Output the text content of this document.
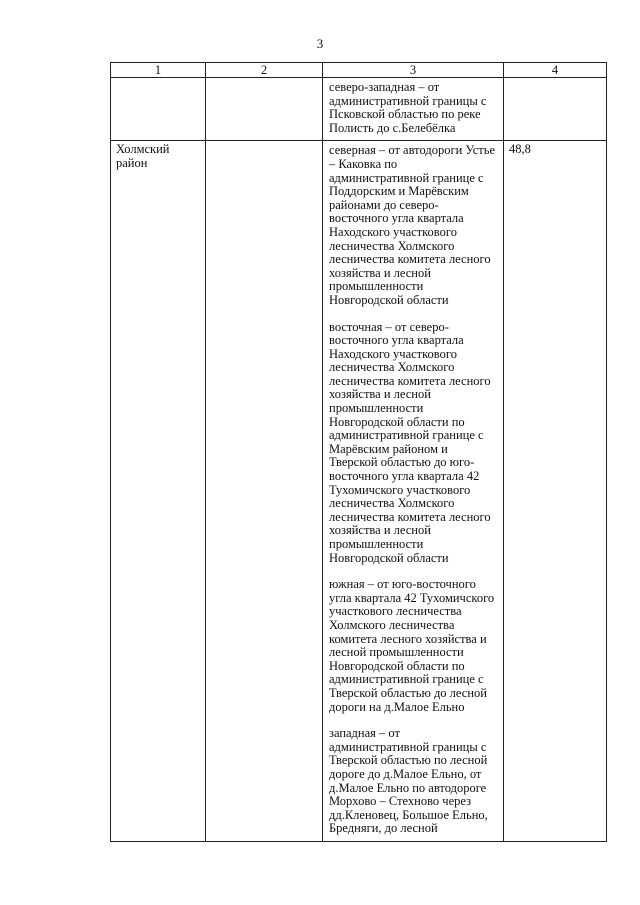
3
1	2	3	4

		северо-западная – от административной границы с Псковской областью по реке Полисть до с.Белебёлка	

Холмский район		северная – от автодороги Устье – Каковка по административной границе с Поддорским и Марёвским районами до северо-восточного угла квартала Находского участкового лесничества Холмского лесничества комитета лесного хозяйства и лесной промышленности Новгородской области
восточная – от северо-восточного угла квартала Находского участкового лесничества Холмского лесничества комитета лесного хозяйства и лесной промышленности Новгородской области по административной границе с Марёвским районом и Тверской областью до юго-восточного угла квартала 42 Тухомичского участкового лесничества Холмского лесничества комитета лесного хозяйства и лесной промышленности Новгородской области
южная – от юго-восточного угла квартала 42 Тухомичского участкового лесничества Холмского лесничества комитета лесного хозяйства и лесной промышленности Новгородской области по административной границе с Тверской областью до лесной дороги на д.Малое Ельно
западная – от административной границы с Тверской областью по лесной дороге до д.Малое Ельно, от д.Малое Ельно по автодороге Морхово – Стехново через дд.Кленовец, Большое Ельно, Бредняги, до лесной	48,8
